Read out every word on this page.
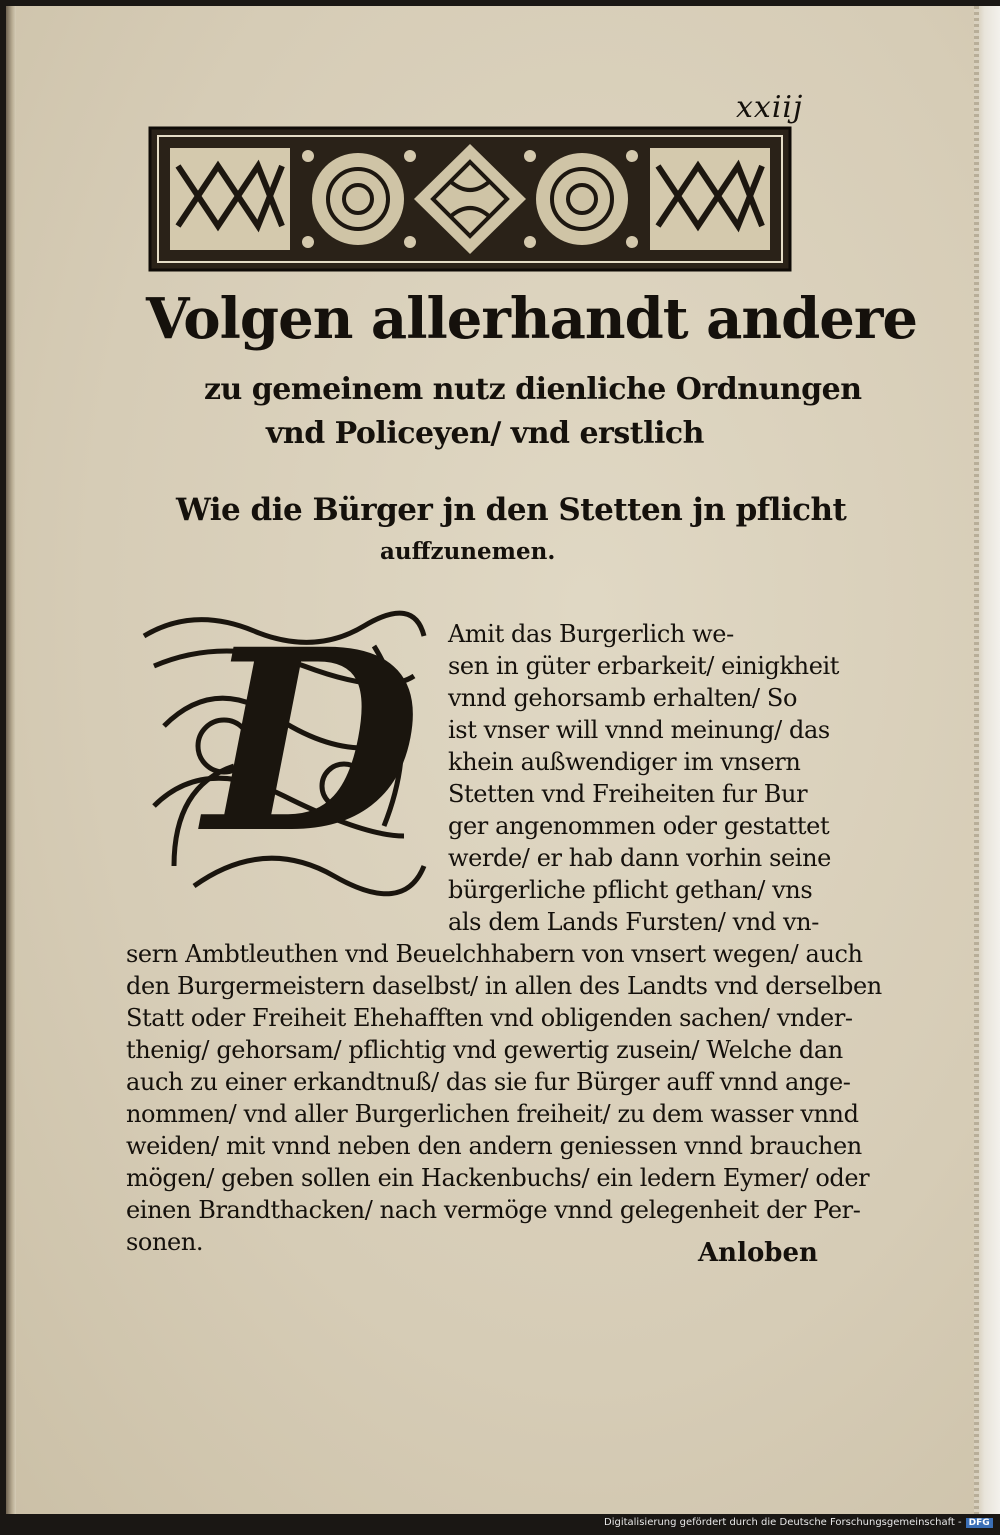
xxiij
Volgen allerhandt andere
zu gemeinem nutz dienliche Ordnungen
vnd Policeyen/ vnd erstlich
Wie die Bürger jn den Stetten jn pflicht
auffzunemen.
D Amit das Burgerlich we-
sen in güter erbarkeit/ einigkheit
vnnd gehorsamb erhalten/ So
ist vnser will vnnd meinung/ das
khein außwendiger im vnsern
Stetten vnd Freiheiten fur Bur
ger angenommen oder gestattet
werde/ er hab dann vorhin seine
bürgerliche pflicht gethan/ vns
als dem Lands Fursten/ vnd vn-
sern Ambtleuthen vnd Beuelchhabern von vnsert wegen/ auch
den Burgermeistern daselbst/ in allen des Landts vnd derselben
Statt oder Freiheit Ehehafften vnd obligenden sachen/ vnder-
thenig/ gehorsam/ pflichtig vnd gewertig zusein/ Welche dan
auch zu einer erkandtnuß/ das sie fur Bürger auff vnnd ange-
nommen/ vnd aller Burgerlichen freiheit/ zu dem wasser vnnd
weiden/ mit vnnd neben den andern geniessen vnnd brauchen
mögen/ geben sollen ein Hackenbuchs/ ein ledern Eymer/ oder
einen Brandthacken/ nach vermöge vnnd gelegenheit der Per-
sonen.	Anloben
Digitalisierung gefördert durch die Deutsche Forschungsgemeinschaft - DFG
